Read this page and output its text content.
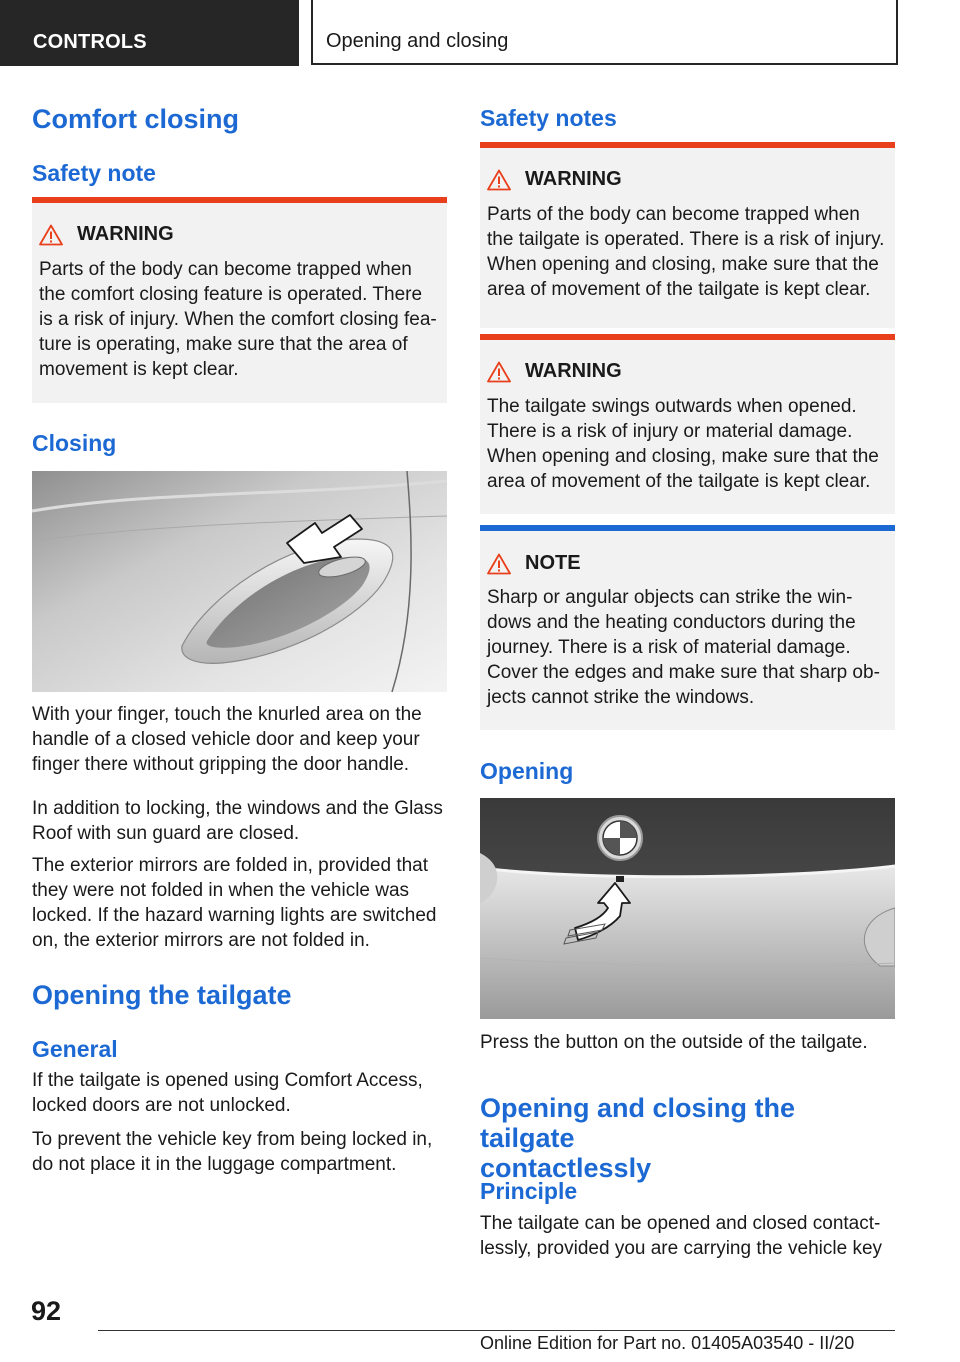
CONTROLS	Opening and closing
Comfort closing
Safety note
WARNING

Parts of the body can become trapped when
the comfort closing feature is operated. There
is a risk of injury. When the comfort closing fea‐
ture is operating, make sure that the area of
movement is kept clear.

Closing

With your finger, touch the knurled area on the
handle of a closed vehicle door and keep your
finger there without gripping the door handle.

In addition to locking, the windows and the Glass
Roof with sun guard are closed.

The exterior mirrors are folded in, provided that
they were not folded in when the vehicle was
locked. If the hazard warning lights are switched
on, the exterior mirrors are not folded in.

Opening the tailgate
General

If the tailgate is opened using Comfort Access,
locked doors are not unlocked.

To prevent the vehicle key from being locked in,
do not place it in the luggage compartment.

Safety notes
WARNING

Parts of the body can become trapped when
the tailgate is operated. There is a risk of injury.
When opening and closing, make sure that the
area of movement of the tailgate is kept clear.

WARNING

The tailgate swings outwards when opened.
There is a risk of injury or material damage.
When opening and closing, make sure that the
area of movement of the tailgate is kept clear.

NOTE

Sharp or angular objects can strike the win‐
dows and the heating conductors during the
journey. There is a risk of material damage.
Cover the edges and make sure that sharp ob‐
jects cannot strike the windows.

Opening

Press the button on the outside of the tailgate.

Opening and closing the tailgate
contactlessly
Principle

The tailgate can be opened and closed contact‐
lessly, provided you are carrying the vehicle key

92
Online Edition for Part no. 01405A03540 - II/20
